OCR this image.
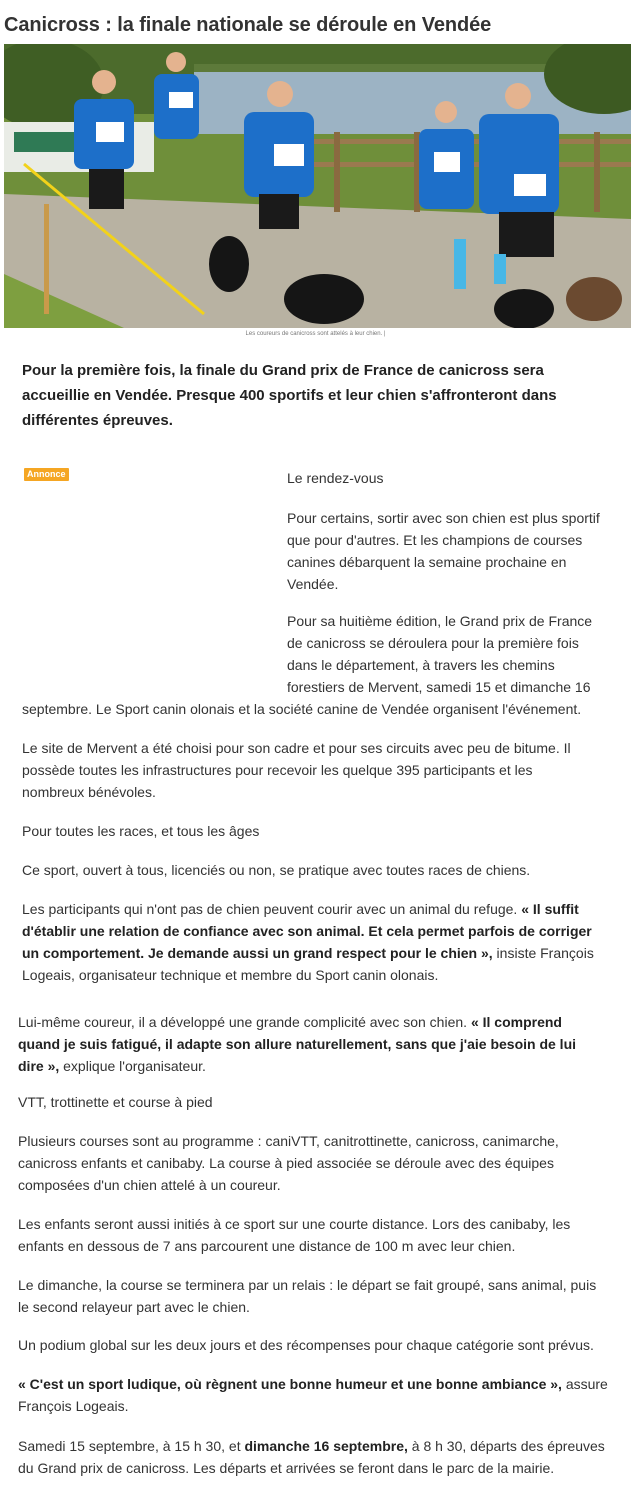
Canicross : la finale nationale se déroule en Vendée
Les coureurs de canicross sont attelés à leur chien. |

Pour la première fois, la finale du Grand prix de France de canicross sera accueillie en Vendée. Presque 400 sportifs et leur chien s'affronteront dans différentes épreuves.

Annonce	Le rendez-vous

Pour certains, sortir avec son chien est plus sportif que pour d'autres. Et les champions de courses canines débarquent la semaine prochaine en Vendée.

Pour sa huitième édition, le Grand prix de France

de canicross se déroulera pour la première fois

dans le département, à travers les chemins

forestiers de Mervent, samedi 15 et dimanche 16

septembre. Le Sport canin olonais et la société canine de Vendée organisent l'événement.

Le site de Mervent a été choisi pour son cadre et pour ses circuits avec peu de bitume. Il possède toutes les infrastructures pour recevoir les quelque 395 participants et les nombreux bénévoles.

Pour toutes les races, et tous les âges

Ce sport, ouvert à tous, licenciés ou non, se pratique avec toutes races de chiens.

Les participants qui n'ont pas de chien peuvent courir avec un animal du refuge. « Il suffit d'établir une relation de confiance avec son animal. Et cela permet parfois de corriger un comportement. Je demande aussi un grand respect pour le chien », insiste François Logeais, organisateur technique et membre du Sport canin olonais.

Lui-même coureur, il a développé une grande complicité avec son chien. « Il comprend quand je suis fatigué, il adapte son allure naturellement, sans que j'aie besoin de lui dire », explique l'organisateur.

VTT, trottinette et course à pied

Plusieurs courses sont au programme : caniVTT, canitrottinette, canicross, canimarche, canicross enfants et canibaby. La course à pied associée se déroule avec des équipes composées d'un chien attelé à un coureur.

Les enfants seront aussi initiés à ce sport sur une courte distance. Lors des canibaby, les enfants en dessous de 7 ans parcourent une distance de 100 m avec leur chien.

Le dimanche, la course se terminera par un relais : le départ se fait groupé, sans animal, puis le second relayeur part avec le chien.

Un podium global sur les deux jours et des récompenses pour chaque catégorie sont prévus.

« C'est un sport ludique, où règnent une bonne humeur et une bonne ambiance », assure François Logeais.

Samedi 15 septembre, à 15 h 30, et dimanche 16 septembre, à 8 h 30, départs des épreuves du Grand prix de canicross. Les départs et arrivées se feront dans le parc de la mairie.
